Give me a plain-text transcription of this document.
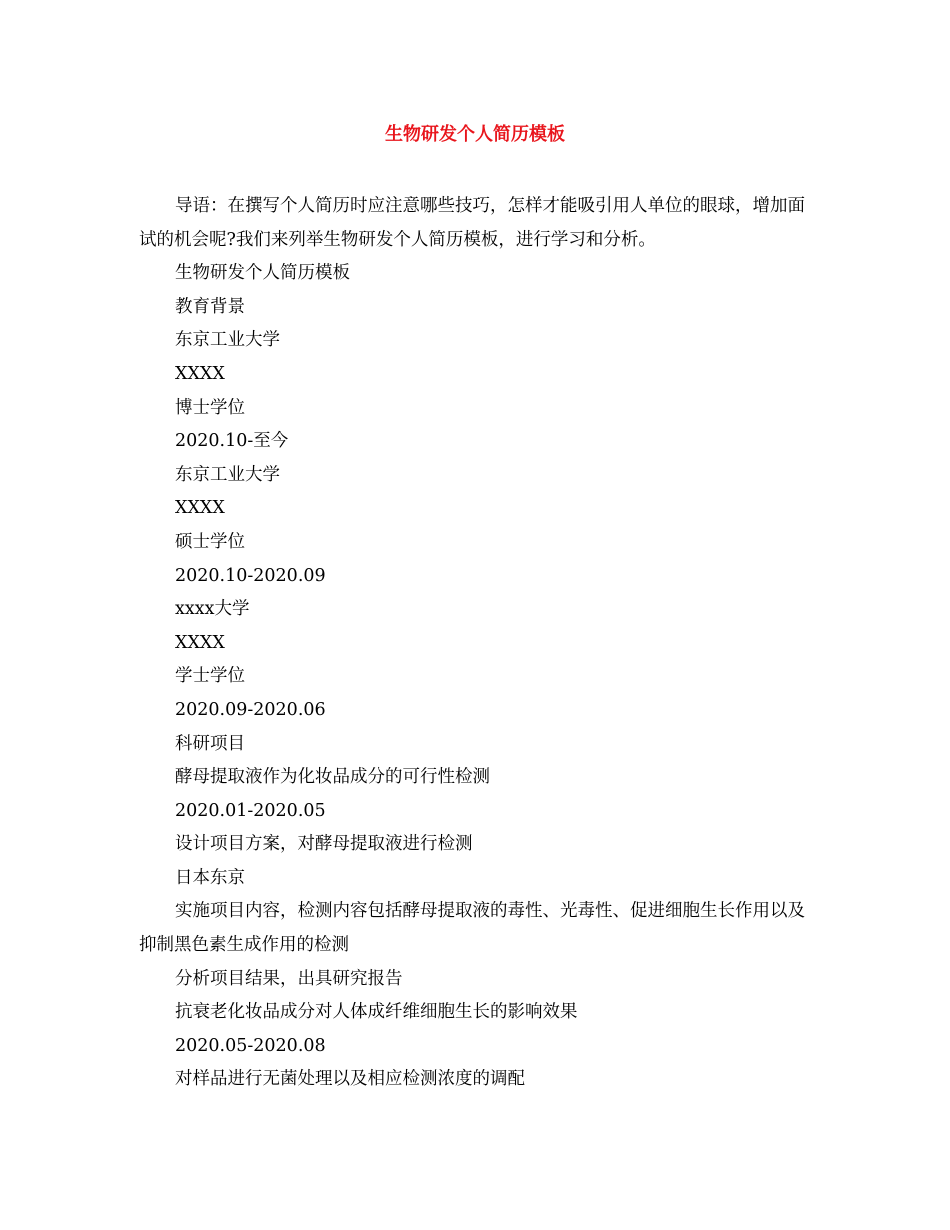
生物研发个人简历模板

导语：在撰写个人简历时应注意哪些技巧，怎样才能吸引用人单位的眼球，增加面试的机会呢?我们来列举生物研发个人简历模板，进行学习和分析。

生物研发个人简历模板

教育背景

东京工业大学

XXXX

博士学位

2020.10-至今

东京工业大学

XXXX

硕士学位

2020.10-2020.09

xxxx大学

XXXX

学士学位

2020.09-2020.06

科研项目

酵母提取液作为化妆品成分的可行性检测

2020.01-2020.05

设计项目方案，对酵母提取液进行检测

日本东京

实施项目内容，检测内容包括酵母提取液的毒性、光毒性、促进细胞生长作用以及抑制黑色素生成作用的检测

分析项目结果，出具研究报告

抗衰老化妆品成分对人体成纤维细胞生长的影响效果

2020.05-2020.08

对样品进行无菌处理以及相应检测浓度的调配
